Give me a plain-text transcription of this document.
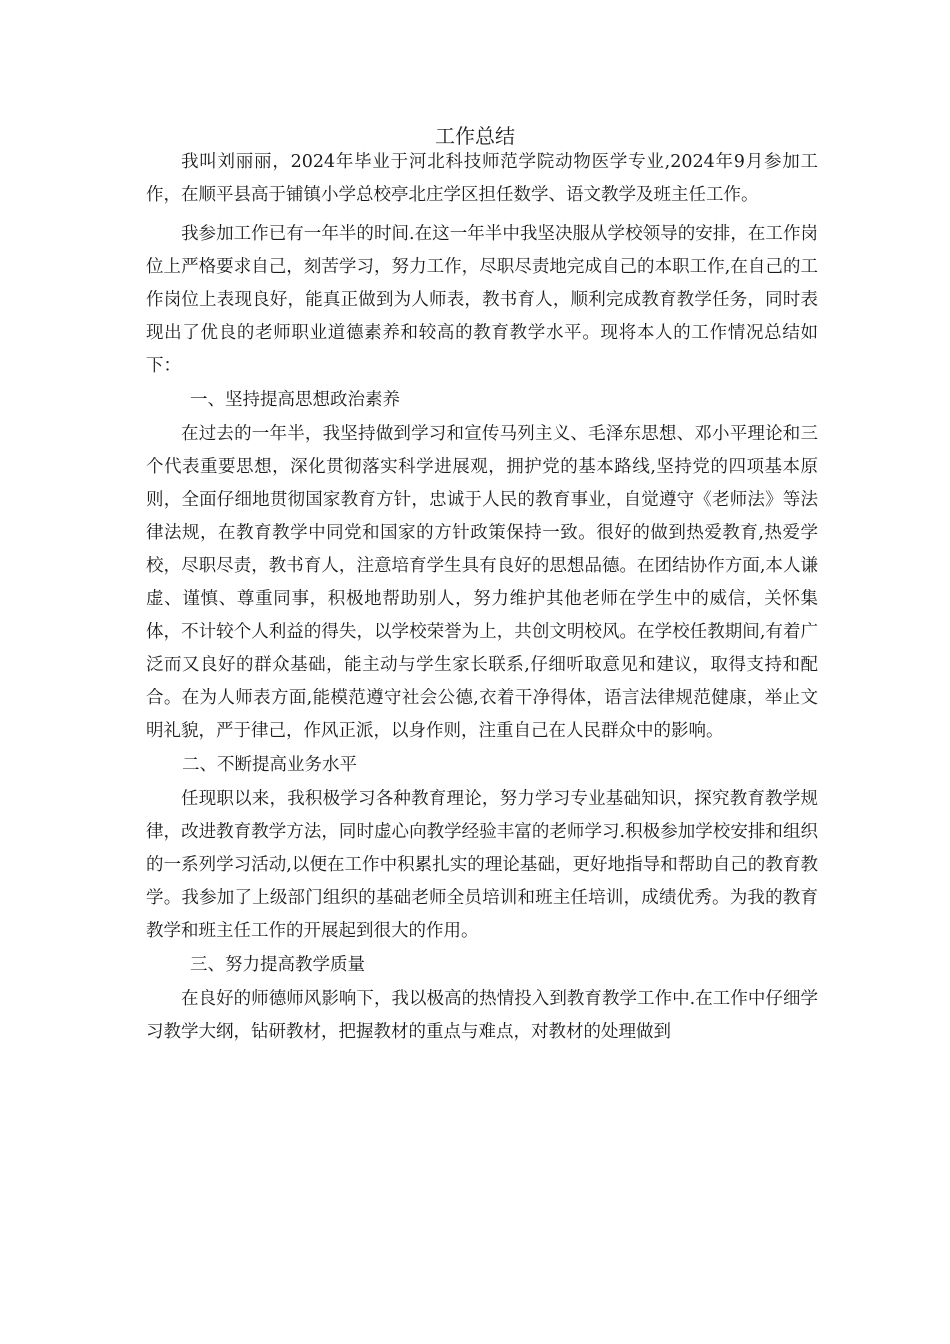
工作总结

我叫刘丽丽，2024年毕业于河北科技师范学院动物医学专业,2024年9月参加工作，在顺平县高于铺镇小学总校亭北庄学区担任数学、语文教学及班主任工作。

我参加工作已有一年半的时间.在这一年半中我坚决服从学校领导的安排，在工作岗位上严格要求自己，刻苦学习，努力工作，尽职尽责地完成自己的本职工作,在自己的工作岗位上表现良好，能真正做到为人师表，教书育人，顺利完成教育教学任务，同时表现出了优良的老师职业道德素养和较高的教育教学水平。现将本人的工作情况总结如下：

一、坚持提高思想政治素养

在过去的一年半，我坚持做到学习和宣传马列主义、毛泽东思想、邓小平理论和三个代表重要思想，深化贯彻落实科学进展观，拥护党的基本路线,坚持党的四项基本原则，全面仔细地贯彻国家教育方针，忠诚于人民的教育事业，自觉遵守《老师法》等法律法规，在教育教学中同党和国家的方针政策保持一致。很好的做到热爱教育,热爱学校，尽职尽责，教书育人，注意培育学生具有良好的思想品德。在团结协作方面,本人谦虚、谨慎、尊重同事，积极地帮助别人，努力维护其他老师在学生中的威信，关怀集体，不计较个人利益的得失，以学校荣誉为上，共创文明校风。在学校任教期间,有着广泛而又良好的群众基础，能主动与学生家长联系,仔细听取意见和建议，取得支持和配合。在为人师表方面,能模范遵守社会公德,衣着干净得体，语言法律规范健康，举止文明礼貌，严于律己，作风正派，以身作则，注重自己在人民群众中的影响。

二、不断提高业务水平

任现职以来，我积极学习各种教育理论，努力学习专业基础知识，探究教育教学规律，改进教育教学方法，同时虚心向教学经验丰富的老师学习.积极参加学校安排和组织的一系列学习活动,以便在工作中积累扎实的理论基础，更好地指导和帮助自己的教育教学。我参加了上级部门组织的基础老师全员培训和班主任培训，成绩优秀。为我的教育教学和班主任工作的开展起到很大的作用。

三、努力提高教学质量

在良好的师德师风影响下，我以极高的热情投入到教育教学工作中.在工作中仔细学习教学大纲，钻研教材，把握教材的重点与难点，对教材的处理做到
